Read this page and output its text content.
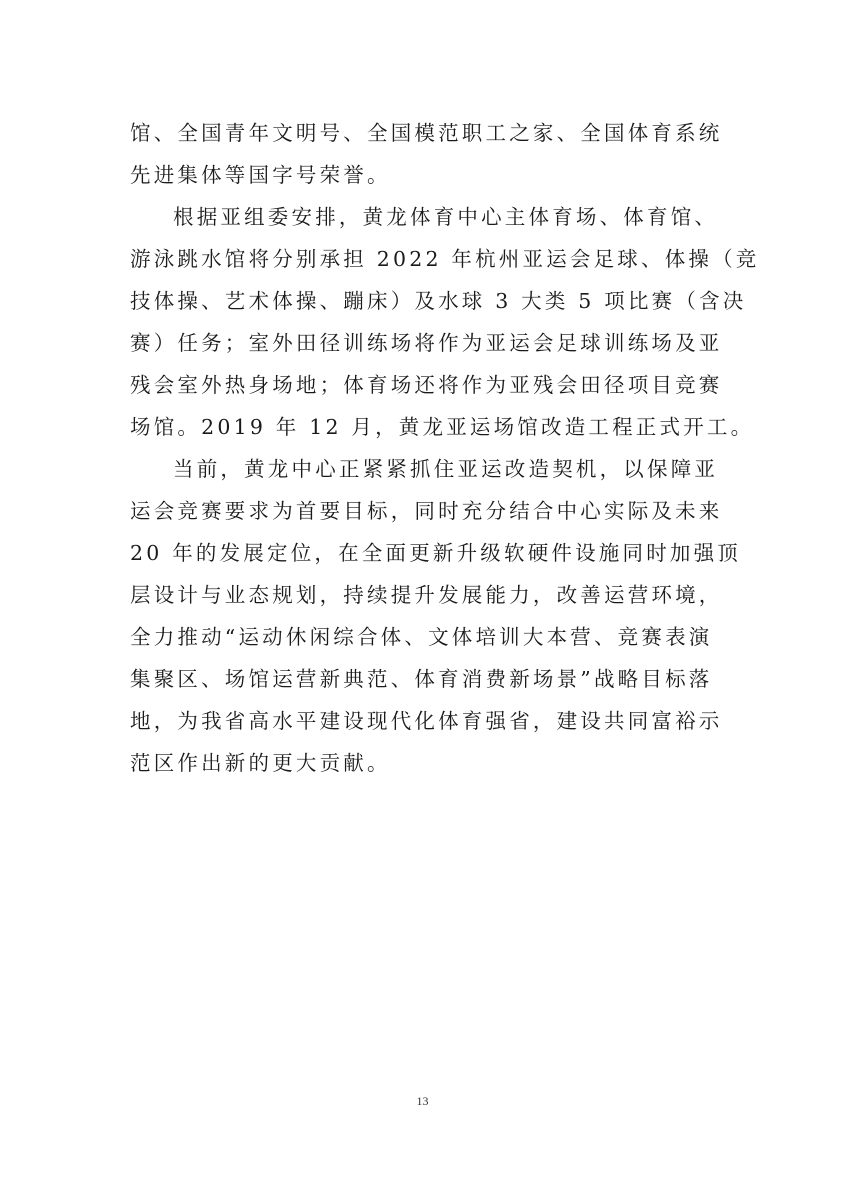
馆、全国青年文明号、全国模范职工之家、全国体育系统
先进集体等国字号荣誉。
根据亚组委安排，黄龙体育中心主体育场、体育馆、
游泳跳水馆将分别承担 2022 年杭州亚运会足球、体操（竞
技体操、艺术体操、蹦床）及水球 3 大类 5 项比赛（含决
赛）任务；室外田径训练场将作为亚运会足球训练场及亚
残会室外热身场地；体育场还将作为亚残会田径项目竞赛
场馆。2019 年 12 月，黄龙亚运场馆改造工程正式开工。
当前，黄龙中心正紧紧抓住亚运改造契机，以保障亚
运会竞赛要求为首要目标，同时充分结合中心实际及未来
20 年的发展定位，在全面更新升级软硬件设施同时加强顶
层设计与业态规划，持续提升发展能力，改善运营环境，
全力推动“运动休闲综合体、文体培训大本营、竞赛表演
集聚区、场馆运营新典范、体育消费新场景”战略目标落
地，为我省高水平建设现代化体育强省，建设共同富裕示
范区作出新的更大贡献。
13
